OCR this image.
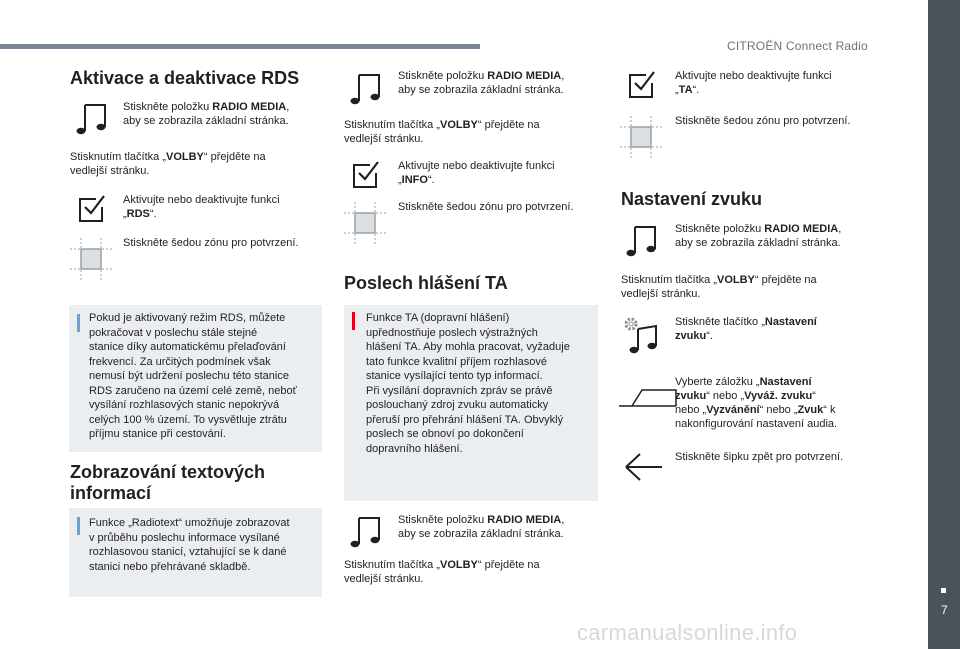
CITROËN Connect Radio
7
carmanualsonline.info
Aktivace a deaktivace RDS
Stiskněte položku RADIO MEDIA,
aby se zobrazila základní stránka.
Stisknutím tlačítka „VOLBY“ přejděte na
vedlejší stránku.
Aktivujte nebo deaktivujte funkci
„RDS“.
Stiskněte šedou zónu pro potvrzení.
Pokud je aktivovaný režim RDS, můžete
pokračovat v poslechu stále stejné
stanice díky automatickému přelaďování
frekvencí. Za určitých podmínek však
nemusí být udržení poslechu této stanice
RDS zaručeno na území celé země, neboť
vysílání rozhlasových stanic nepokrývá
celých 100 % území. To vysvětluje ztrátu
příjmu stanice při cestování.
Zobrazování textových
informací
Funkce „Radiotext“ umožňuje zobrazovat
v průběhu poslechu informace vysílané
rozhlasovou stanicí, vztahující se k dané
stanici nebo přehrávané skladbě.
Stiskněte položku RADIO MEDIA,
aby se zobrazila základní stránka.
Stisknutím tlačítka „VOLBY“ přejděte na
vedlejší stránku.
Aktivujte nebo deaktivujte funkci
„INFO“.
Stiskněte šedou zónu pro potvrzení.
Poslech hlášení TA
Funkce TA (dopravní hlášení)
upřednostňuje poslech výstražných
hlášení TA. Aby mohla pracovat, vyžaduje
tato funkce kvalitní příjem rozhlasové
stanice vysílající tento typ informací.
Při vysílání dopravních zpráv se právě
poslouchaný zdroj zvuku automaticky
přeruší pro přehrání hlášení TA. Obvyklý
poslech se obnoví po dokončení
dopravního hlášení.
Stiskněte položku RADIO MEDIA,
aby se zobrazila základní stránka.
Stisknutím tlačítka „VOLBY“ přejděte na
vedlejší stránku.
Aktivujte nebo deaktivujte funkci
„TA“.
Stiskněte šedou zónu pro potvrzení.
Nastavení zvuku
Stiskněte položku RADIO MEDIA,
aby se zobrazila základní stránka.
Stisknutím tlačítka „VOLBY“ přejděte na
vedlejší stránku.
Stiskněte tlačítko „Nastavení
zvuku“.
Vyberte záložku „Nastavení
zvuku“ nebo „Vyváž. zvuku“
nebo „Vyzvánění“ nebo „Zvuk“ k
nakonfigurování nastavení audia.
Stiskněte šipku zpět pro potvrzení.
